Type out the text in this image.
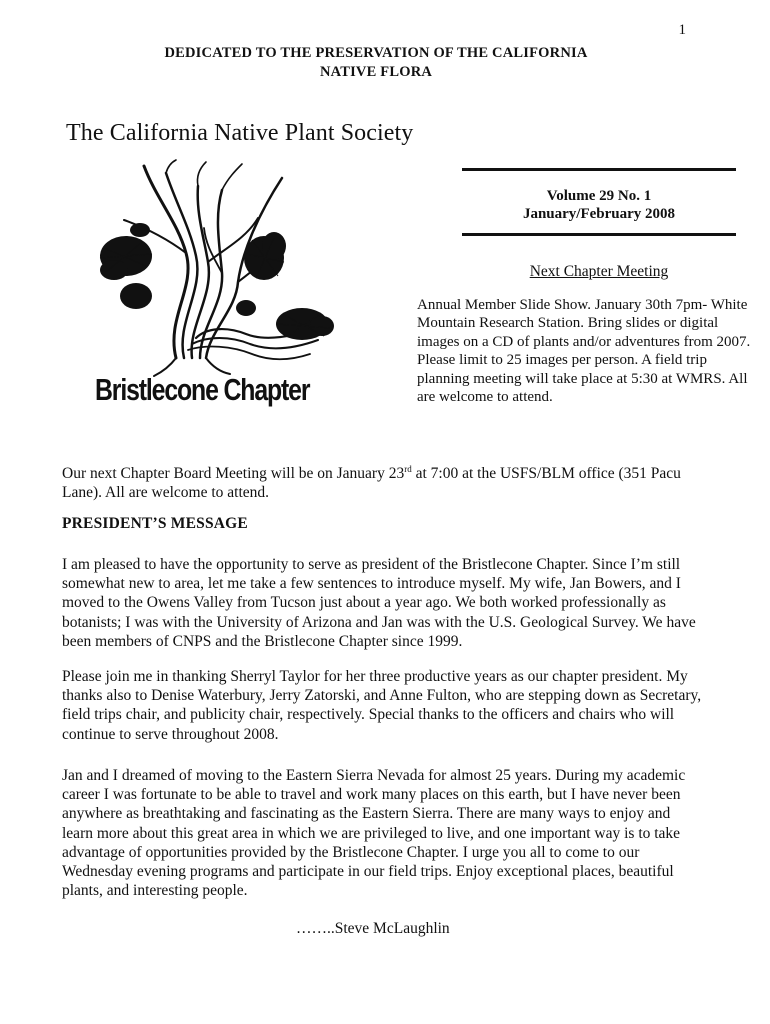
1
DEDICATED TO THE PRESERVATION OF THE CALIFORNIA
NATIVE FLORA
The California Native Plant Society
Bristlecone Chapter
Volume 29 No. 1
January/February 2008
Next Chapter Meeting
Annual Member Slide Show. January 30th 7pm- White Mountain Research Station. Bring slides or digital images on a CD of plants and/or adventures from 2007. Please limit to 25 images per person. A field trip planning meeting will take place at 5:30 at WMRS. All are welcome to attend.
Our next Chapter Board Meeting will be on January 23rd at 7:00 at the USFS/BLM office (351 Pacu Lane). All are welcome to attend.
PRESIDENT’S MESSAGE
I am pleased to have the opportunity to serve as president of the Bristlecone Chapter. Since I’m still somewhat new to area, let me take a few sentences to introduce myself. My wife, Jan Bowers, and I moved to the Owens Valley from Tucson just about a year ago. We both worked professionally as botanists; I was with the University of Arizona and Jan was with the U.S. Geological Survey. We have been members of CNPS and the Bristlecone Chapter since 1999.
Please join me in thanking Sherryl Taylor for her three productive years as our chapter president. My thanks also to Denise Waterbury, Jerry Zatorski, and Anne Fulton, who are stepping down as Secretary, field trips chair, and publicity chair, respectively. Special thanks to the officers and chairs who will continue to serve throughout 2008.
Jan and I dreamed of moving to the Eastern Sierra Nevada for almost 25 years. During my academic career I was fortunate to be able to travel and work many places on this earth, but I have never been anywhere as breathtaking and fascinating as the Eastern Sierra. There are many ways to enjoy and learn more about this great area in which we are privileged to live, and one important way is to take advantage of opportunities provided by the Bristlecone Chapter. I urge you all to come to our Wednesday evening programs and participate in our field trips. Enjoy exceptional places, beautiful plants, and interesting people.
……..Steve McLaughlin
